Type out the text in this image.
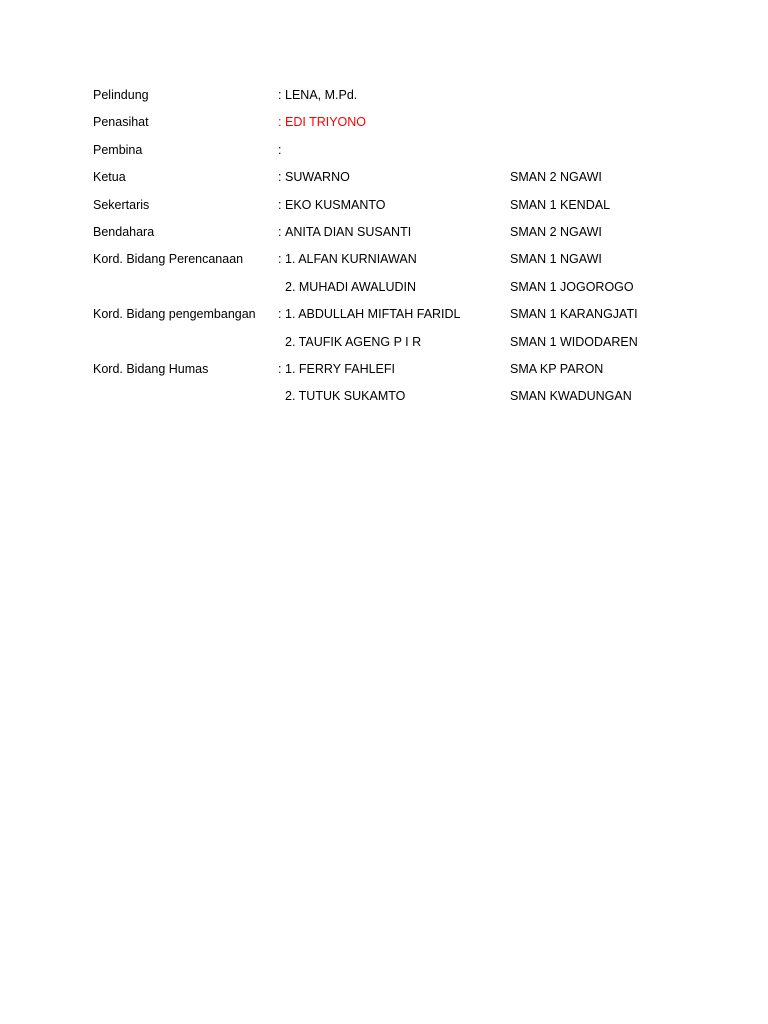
Pelindung	: LENA, M.Pd.
Penasihat	: EDI TRIYONO
Pembina	:
Ketua	: SUWARNO	SMAN 2 NGAWI
Sekertaris	: EKO KUSMANTO	SMAN 1 KENDAL
Bendahara	: ANITA DIAN SUSANTI	SMAN 2 NGAWI
Kord. Bidang Perencanaan	: 1. ALFAN KURNIAWAN	SMAN 1 NGAWI
2. MUHADI AWALUDIN	SMAN 1 JOGOROGO
Kord. Bidang pengembangan : 1. ABDULLAH MIFTAH FARIDL	SMAN 1 KARANGJATI
2. TAUFIK AGENG P I R	SMAN 1 WIDODAREN
Kord. Bidang Humas	: 1. FERRY FAHLEFI	SMA KP PARON
2. TUTUK SUKAMTO	SMAN KWADUNGAN
